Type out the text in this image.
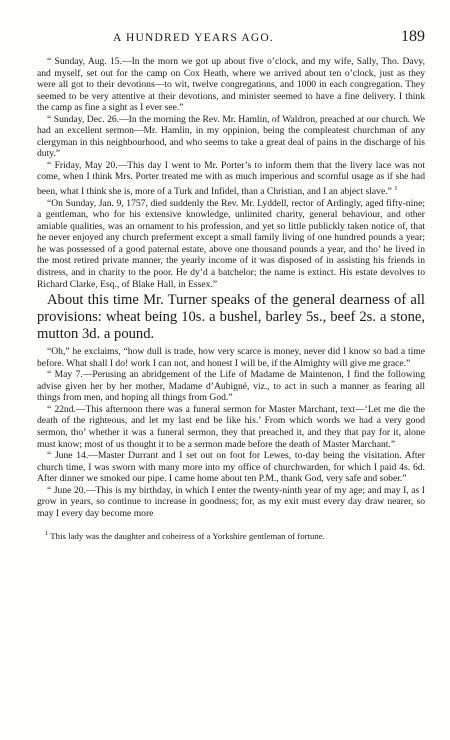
A HUNDRED YEARS AGO.	189

“ Sunday, Aug. 15.—In the morn we got up about five o’clock, and my wife, Sally, Tho. Davy, and myself, set out for the camp on Cox Heath, where we arrived about ten o’clock, just as they were all got to their devotions—to wit, twelve congregations, and 1000 in each congregation. They seemed to be very attentive at their devotions, and minister seemed to have a fine delivery. I think the camp as fine a sight as I ever see.”

“ Sunday, Dec. 26.—In the morning the Rev. Mr. Hamlin, of Waldron, preached at our church. We had an excellent sermon—Mr. Hamlin, in my oppinion, being the compleatest churchman of any clergyman in this neighbourhood, and who seems to take a great deal of pains in the discharge of his duty.”

“ Friday, May 20.—This day I went to Mr. Porter’s to inform them that the livery lace was not come, when I think Mrs. Porter treated me with as much imperious and scornful usage as if she had been, what I think she is, more of a Turk and Infidel, than a Christian, and I an abject slave.” $^1$

“On Sunday, Jan. 9, 1757, died suddenly the Rev. Mr. Lyddell, rector of Ardingly, aged fifty-nine; a gentleman, who for his extensive knowledge, unlimited charity, general behaviour, and other amiable qualities, was an ornament to his profession, and yet so little publickly taken notice of, that he never enjoyed any church preferment except a small family living of one hundred pounds a year; he was possessed of a good paternal estate, above one thousand pounds a year, and tho’ he lived in the most retired private manner, the yearly income of it was disposed of in assisting his friends in distress, and in charity to the poor. He dy’d a batchelor; the name is extinct. His estate devolves to Richard Clarke, Esq., of Blake Hall, in Essex.”

About this time Mr. Turner speaks of the general dearness of all provisions: wheat being 10s. a bushel, barley 5s., beef 2s. a stone, mutton 3d. a pound.

“Oh,” he exclaims, “how dull is trade, how very scarce is money, never did I know so bad a time before. What shall I do! work I can not, and honest I will be, if the Almighty will give me grace.”

“ May 7.—Perusing an abridgement of the Life of Madame de Maintenon, I find the following advise given her by her mother, Madame d’Aubigné, viz., to act in such a manner as fearing all things from men, and hoping all things from God.”

“ 22nd.—This afternoon there was a funeral sermon for Master Marchant, text—‘Let me die the death of the righteous, and let my last end be like his.’ From which words we had a very good sermon, tho’ whether it was a funeral sermon, they that preached it, and they that pay for it, alone must know; most of us thought it to be a sermon made before the death of Master Marchant.”

“ June 14.—Master Durrant and I set out on foot for Lewes, to-day being the visitation. After church time, I was sworn with many more into my office of churchwarden, for which I paid 4s. 6d. After dinner we smoked our pipe. I came home about ten P.M., thank God, very safe and sober.”

“ June 20.—This is my birthday, in which I enter the twenty-ninth year of my age; and may I, as I grow in years, so continue to increase in goodness; for, as my exit must every day draw nearer, so may I every day become more

$^1$ This lady was the daughter and coheiress of a Yorkshire gentleman of fortune.
